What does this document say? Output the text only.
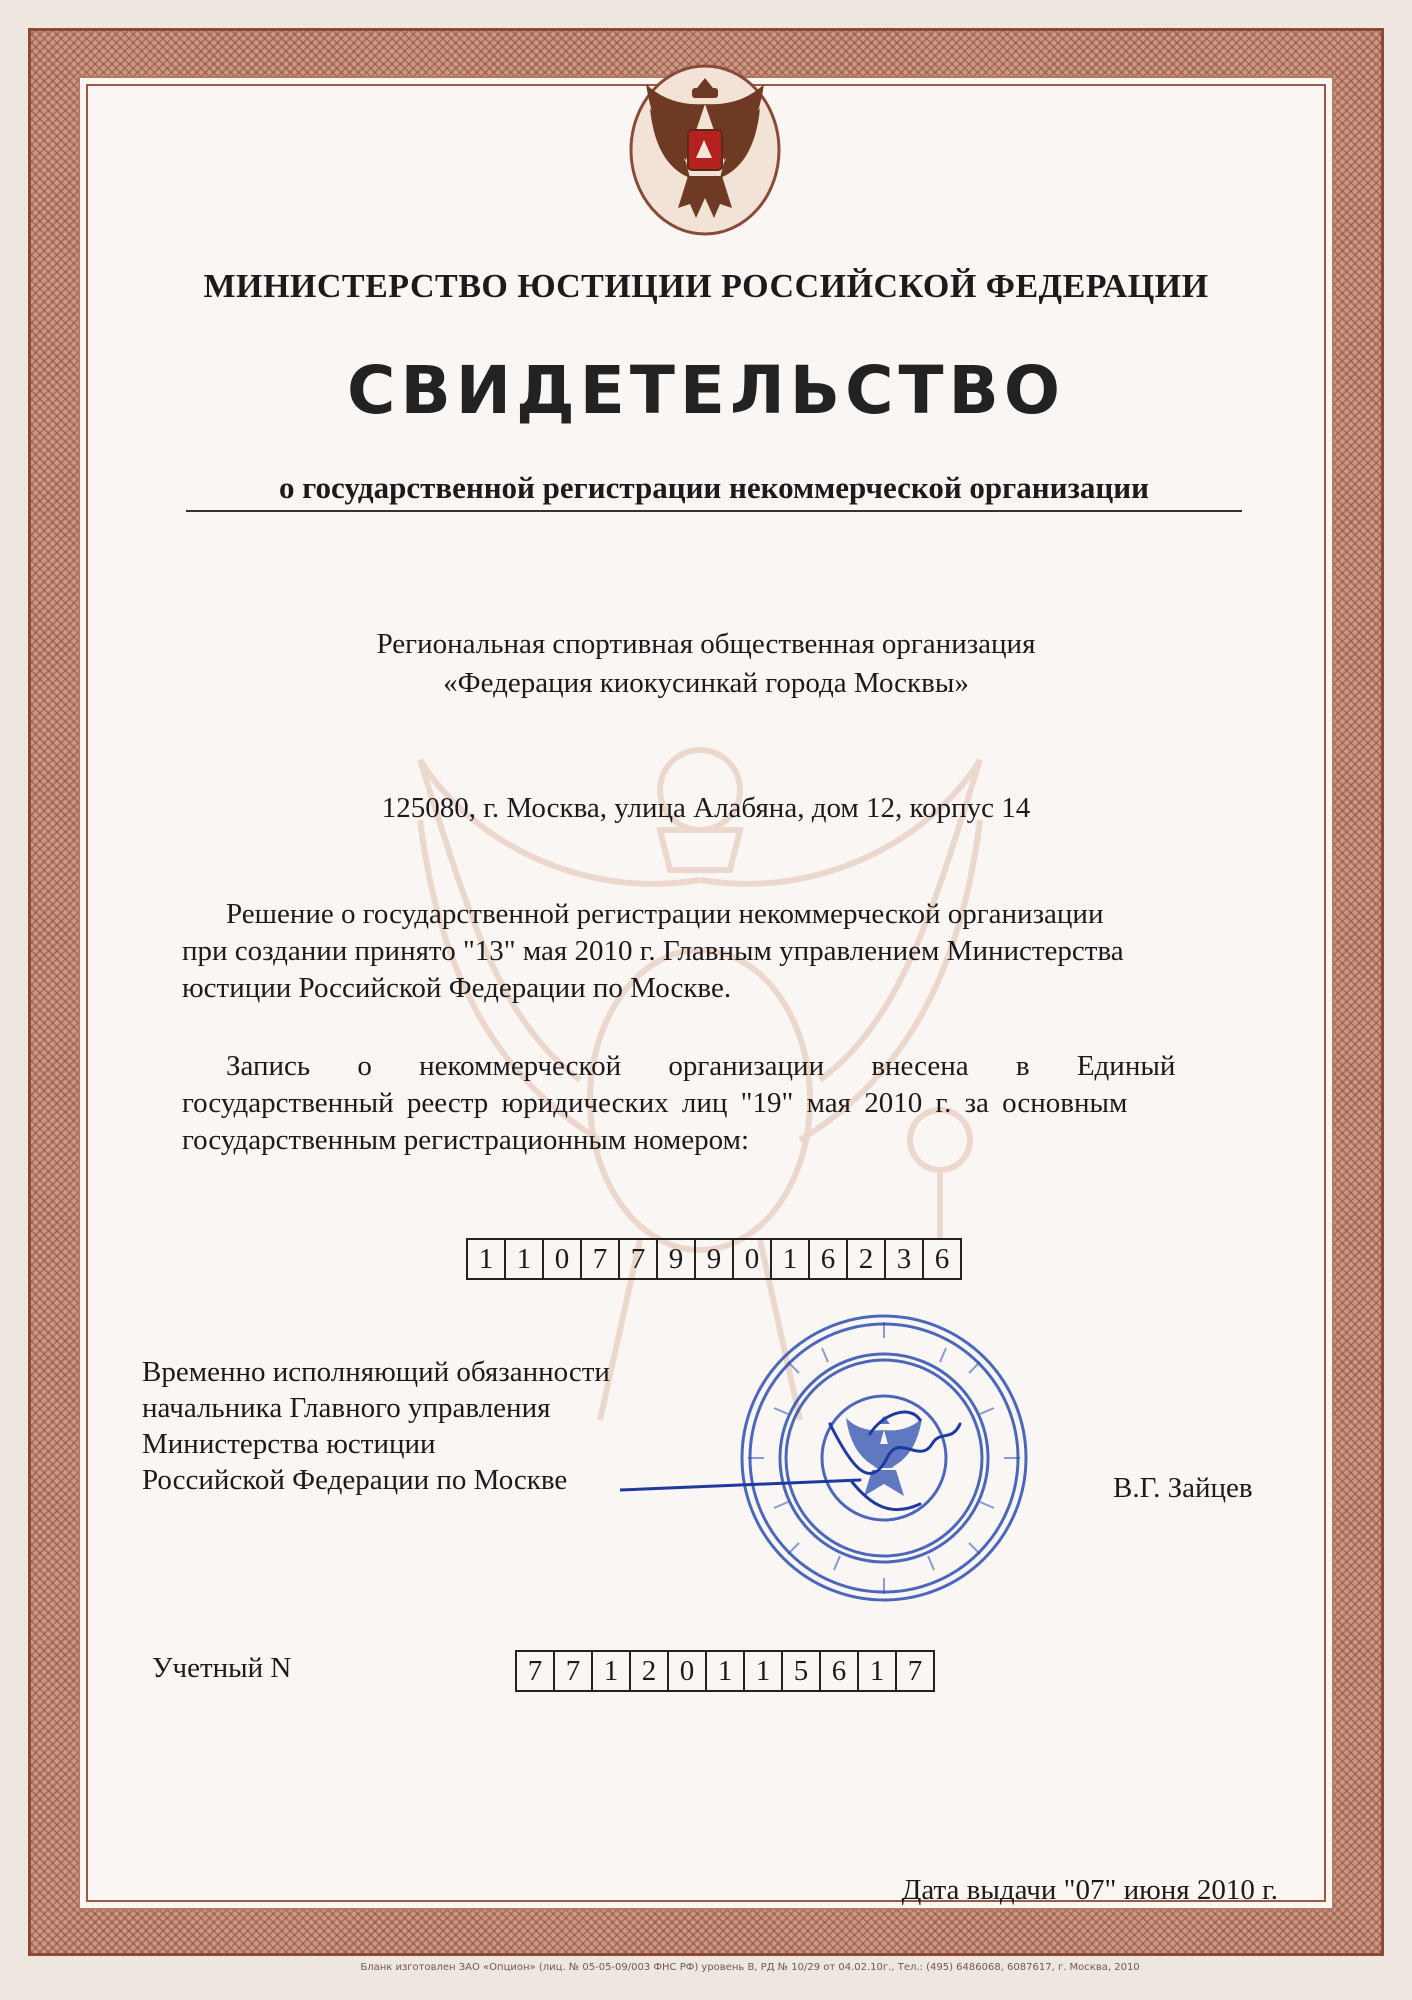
МИНИСТЕРСТВО ЮСТИЦИИ РОССИЙСКОЙ ФЕДЕРАЦИИ
СВИДЕТЕЛЬСТВО
о государственной регистрации некоммерческой организации
Региональная спортивная общественная организация
«Федерация киокусинкай города Москвы»
125080, г. Москва, улица Алабяна, дом 12, корпус 14

Решение о государственной регистрации некоммерческой организации

при создании принято "13" мая 2010 г. Главным управлением Министерства

юстиции Российской Федерации по Москве.

Запись о некоммерческой организации внесена в Единый

государственный реестр юридических лиц "19" мая 2010 г. за основным

государственным регистрационным номером:

1 1 0 7 7 9 9 0 1 6 2 3 6
Временно исполняющий обязанности
начальника Главного управления
Министерства юстиции
Российской Федерации по Москве	В.Г. Зайцев
Учетный N	7 7 1 2 0 1 1 5 6 1 7
Дата выдачи "07" июня 2010 г.
Бланк изготовлен ЗАО «Опцион» (лиц. № 05-05-09/003 ФНС РФ) уровень В, РД № 10/29 от 04.02.10г., Тел.: (495) 6486068, 6087617, г. Москва, 2010
